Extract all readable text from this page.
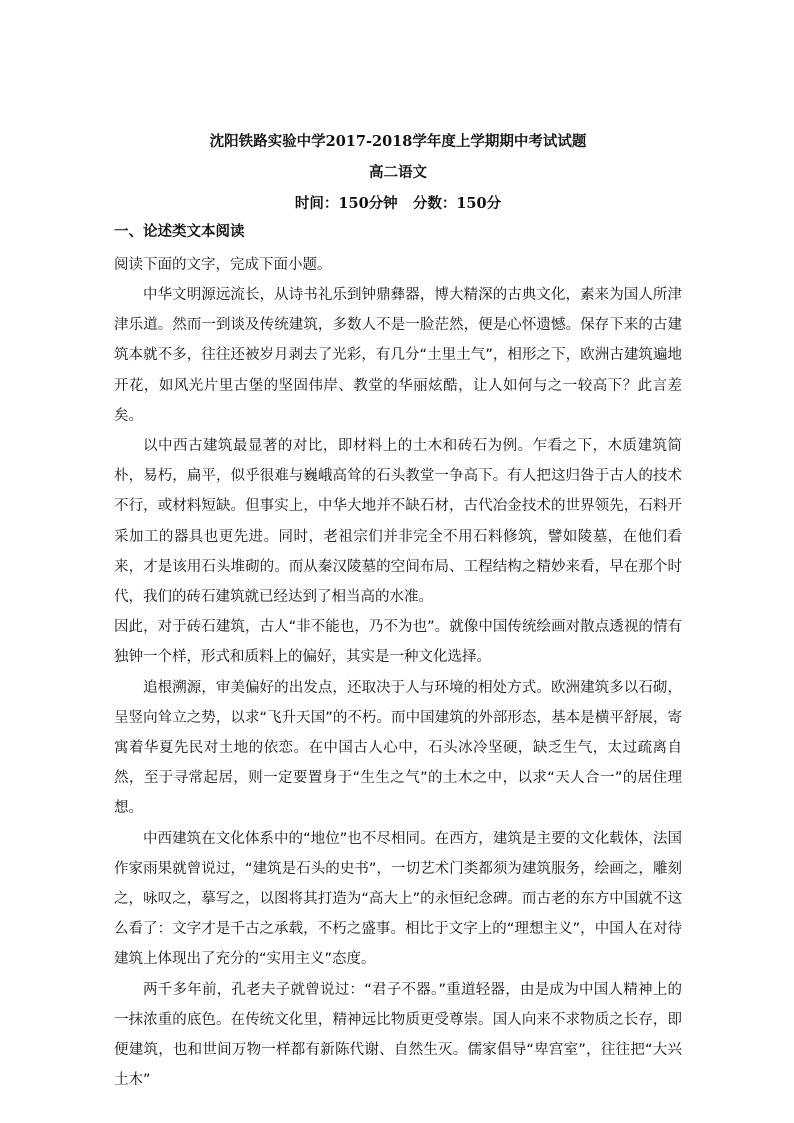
沈阳铁路实验中学2017-2018学年度上学期期中考试试题
高二语文
时间：150分钟   分数：150分
一、论述类文本阅读
阅读下面的文字，完成下面小题。

中华文明源远流长，从诗书礼乐到钟鼎彝器，博大精深的古典文化，素来为国人所津津乐道。然而一到谈及传统建筑，多数人不是一脸茫然，便是心怀遗憾。保存下来的古建筑本就不多，往往还被岁月剥去了光彩，有几分“土里土气”，相形之下，欧洲古建筑遍地开花，如风光片里古堡的坚固伟岸、教堂的华丽炫酷，让人如何与之一较高下？此言差矣。

以中西古建筑最显著的对比，即材料上的土木和砖石为例。乍看之下，木质建筑简朴，易朽，扁平，似乎很难与巍峨高耸的石头教堂一争高下。有人把这归咎于古人的技术不行，或材料短缺。但事实上，中华大地并不缺石材，古代冶金技术的世界领先，石料开采加工的器具也更先进。同时，老祖宗们并非完全不用石料修筑，譬如陵墓，在他们看来，才是该用石头堆砌的。而从秦汉陵墓的空间布局、工程结构之精妙来看，早在那个时代，我们的砖石建筑就已经达到了相当高的水准。

因此，对于砖石建筑，古人“非不能也，乃不为也”。就像中国传统绘画对散点透视的情有独钟一个样，形式和质料上的偏好，其实是一种文化选择。

追根溯源，审美偏好的出发点，还取决于人与环境的相处方式。欧洲建筑多以石砌，呈竖向耸立之势，以求“飞升天国”的不朽。而中国建筑的外部形态，基本是横平舒展，寄寓着华夏先民对土地的依恋。在中国古人心中，石头冰冷坚硬，缺乏生气，太过疏离自然，至于寻常起居，则一定要置身于“生生之气”的土木之中，以求“天人合一”的居住理想。

中西建筑在文化体系中的“地位”也不尽相同。在西方，建筑是主要的文化载体，法国作家雨果就曾说过，“建筑是石头的史书”，一切艺术门类都须为建筑服务，绘画之，雕刻之，咏叹之，摹写之，以图将其打造为“高大上”的永恒纪念碑。而古老的东方中国就不这么看了：文字才是千古之承载，不朽之盛事。相比于文字上的“理想主义”，中国人在对待建筑上体现出了充分的“实用主义”态度。

两千多年前，孔老夫子就曾说过：“君子不器。”重道轻器，由是成为中国人精神上的一抹浓重的底色。在传统文化里，精神远比物质更受尊崇。国人向来不求物质之长存，即便建筑，也和世间万物一样都有新陈代谢、自然生灭。儒家倡导“卑宫室”，往往把“大兴土木”
